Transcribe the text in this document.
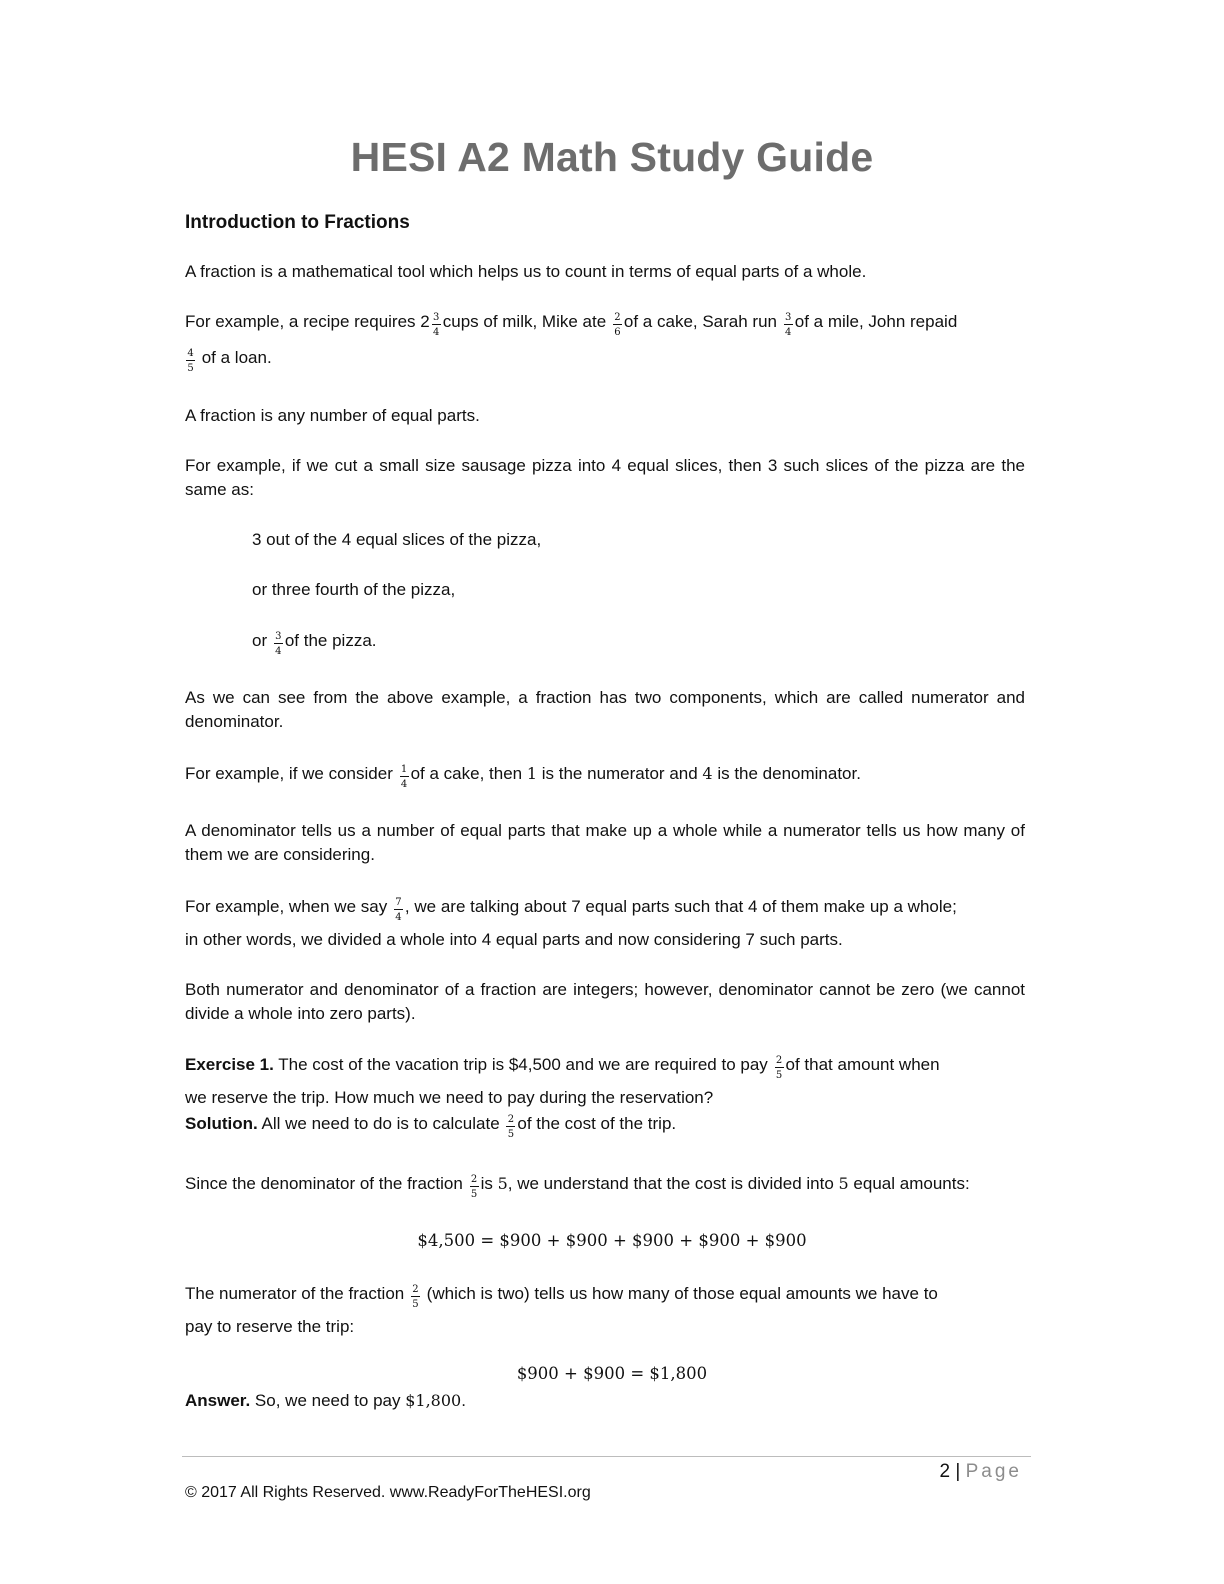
HESI A2 Math Study Guide
Introduction to Fractions

A fraction is a mathematical tool which helps us to count in terms of equal parts of a whole.

For example, a recipe requires $2 \frac{3}{4}$ cups of milk, Mike ate $\frac{2}{6}$ of a cake, Sarah run $\frac{3}{4}$ of a mile, John repaid

$\frac{4}{5}$ of a loan.

A fraction is any number of equal parts.

For example, if we cut a small size sausage pizza into 4 equal slices, then 3 such slices of the pizza are the same as:

3 out of the 4 equal slices of the pizza,

or three fourth of the pizza,

or $\frac{3}{4}$ of the pizza.

As we can see from the above example, a fraction has two components, which are called numerator and denominator.

For example, if we consider $\frac{1}{4}$ of a cake, then 1 is the numerator and 4 is the denominator.

A denominator tells us a number of equal parts that make up a whole while a numerator tells us how many of them we are considering.

For example, when we say $\frac{7}{4}$ , we are talking about 7 equal parts such that 4 of them make up a whole;

in other words, we divided a whole into 4 equal parts and now considering 7 such parts.

Both numerator and denominator of a fraction are integers; however, denominator cannot be zero (we cannot divide a whole into zero parts).

Exercise 1. The cost of the vacation trip is $4,500 and we are required to pay $\frac{2}{5}$ of that amount when

we reserve the trip. How much we need to pay during the reservation?

Solution. All we need to do is to calculate $\frac{2}{5}$ of the cost of the trip.

Since the denominator of the fraction $\frac{2}{5}$ is 5, we understand that the cost is divided into 5 equal amounts:

$4,500 = $900 + $900 + $900 + $900 + $900

The numerator of the fraction $\frac{2}{5}$ (which is two) tells us how many of those equal amounts we have to

pay to reserve the trip:

$900 + $900 = $1,800

Answer. So, we need to pay $1,800.

2 | Page

© 2017 All Rights Reserved. www.ReadyForTheHESI.org
